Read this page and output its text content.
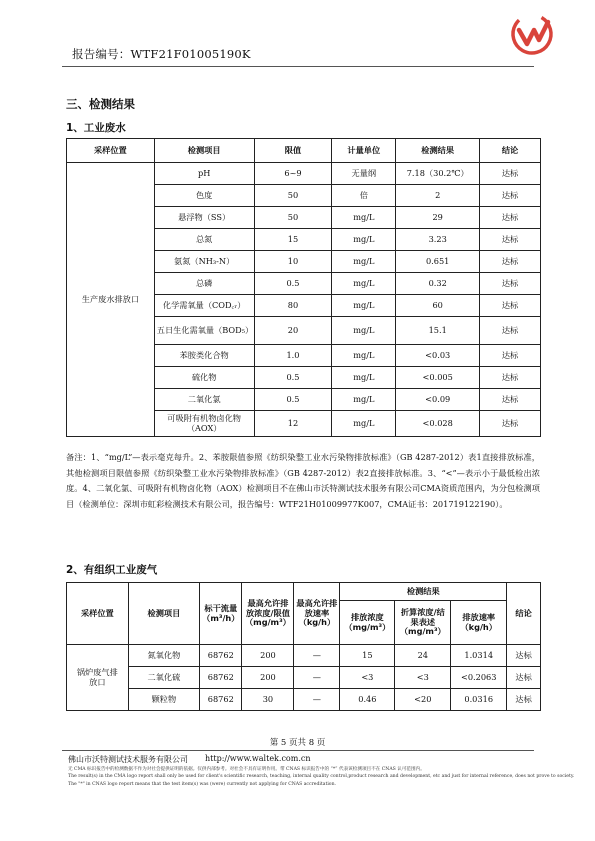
报告编号：WTF21F01005190K
三、检测结果
1、工业废水
采样位置	检测项目	限值	计量单位	检测结果	结论
生产废水排放口	pH	6~9	无量纲	7.18（30.2℃）	达标
	色度	50	倍	2	达标
	悬浮物（SS）	50	mg/L	29	达标
	总氮	15	mg/L	3.23	达标
	氨氮（NH₃-N）	10	mg/L	0.651	达标
	总磷	0.5	mg/L	0.32	达标
	化学需氧量（COD꜀ᵣ）	80	mg/L	60	达标
	五日生化需氧量（BOD₅）	20	mg/L	15.1	达标
	苯胺类化合物	1.0	mg/L	<0.03	达标
	硫化物	0.5	mg/L	<0.005	达标
	二氧化氯	0.5	mg/L	<0.09	达标
	可吸附有机物卤化物（AOX）	12	mg/L	<0.028	达标
备注：1、“mg/L”—表示毫克每升。2、苯胺限值参照《纺织染整工业水污染物排放标准》（GB 4287-2012）表1直接排放标准，其他检测项目限值参照《纺织染整工业水污染物排放标准》（GB 4287-2012）表2直接排放标准。3、“<”—表示小于最低检出浓度。4、二氧化氯、可吸附有机物卤化物（AOX）检测项目不在佛山市沃特测试技术服务有限公司CMA资质范围内，为分包检测项目（检测单位：深圳市虹彩检测技术有限公司，报告编号：WTF21H01009977K007，CMA证书：201719122190）。
2、有组织工业废气
采样位置	检测项目	标干流量（m³/h）	最高允许排放浓度/限值（mg/m³）	最高允许排放速率（kg/h）	检测结果			结论
					排放浓度（mg/m³）	折算浓度/结果表述（mg/m³）	排放速率（kg/h）	
锅炉废气排放口	氮氧化物	68762	200	—	15	24	1.0314	达标
	二氧化硫	68762	200	—	<3	<3	<0.2063	达标
	颗粒物	68762	30	—	0.46	<20	0.0316	达标
第 5 页共 8 页
佛山市沃特测试技术服务有限公司 http://www.waltek.com.cn
无 CMA 标识报告中的检测数据不作为对社会提供证明的依据。仅供内部参考。对社会不具有证明作用。带 CNAS 标识报告中的 “*” 代表该检测项目不在 CNAS 认可范围内。
The result(s) in the CMA logo report shall only be used for client's scientific research, teaching, internal quality control,product research and development, etc and just for internal reference, does not prove to society.
The "*" in CNAS logo report means that the test item(s) was (were) currently not applying for CNAS accreditation.
